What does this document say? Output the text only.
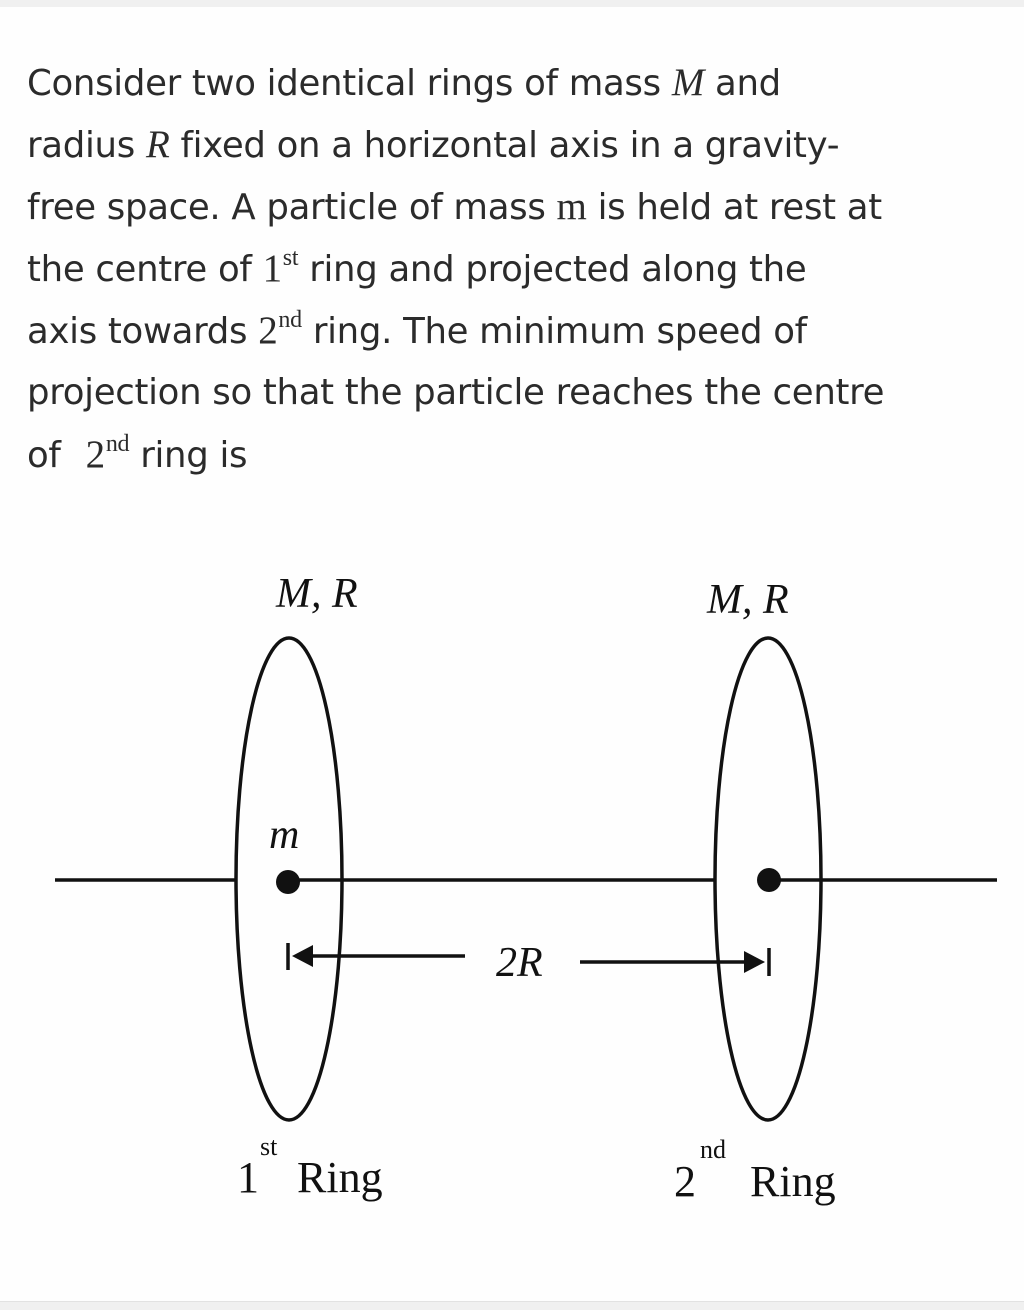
Consider two identical rings of mass M and
radius R fixed on a horizontal axis in a gravity-
free space. A particle of mass m is held at rest at
the centre of 1st ring and projected along the
axis towards 2nd ring. The minimum speed of
projection so that the particle reaches the centre
of 2nd ring is
M, R	M, R
m
2R
1
st
Ring	2
nd
Ring
